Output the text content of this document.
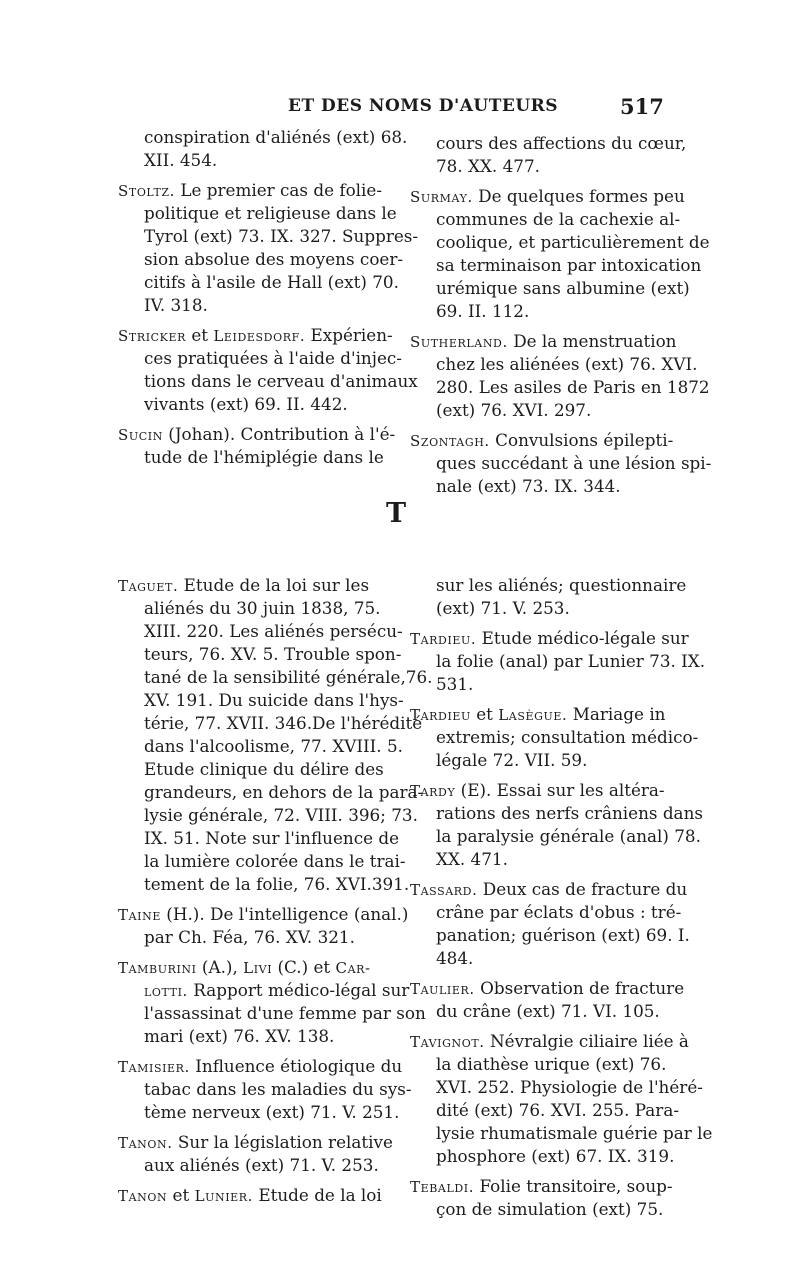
ET DES NOMS D'AUTEURS	517
conspiration d'aliénés (ext) 68.
XII. 454.
Stoltz. Le premier cas de folie-
politique et religieuse dans le
Tyrol (ext) 73. IX. 327. Suppres-
sion absolue des moyens coer-
citifs à l'asile de Hall (ext) 70.
IV. 318.
Stricker et Leidesdorf. Expérien-
ces pratiquées à l'aide d'injec-
tions dans le cerveau d'animaux
vivants (ext) 69. II. 442.
Sucin (Johan). Contribution à l'é-
tude de l'hémiplégie dans le
cours des affections du cœur,
78. XX. 477.
Surmay. De quelques formes peu
communes de la cachexie al-
coolique, et particulièrement de
sa terminaison par intoxication
urémique sans albumine (ext)
69. II. 112.
Sutherland. De la menstruation
chez les aliénées (ext) 76. XVI.
280. Les asiles de Paris en 1872
(ext) 76. XVI. 297.
Szontagh. Convulsions épilepti-
ques succédant à une lésion spi-
nale (ext) 73. IX. 344.
T
Taguet. Etude de la loi sur les
aliénés du 30 juin 1838, 75.
XIII. 220. Les aliénés persécu-
teurs, 76. XV. 5. Trouble spon-
tané de la sensibilité générale,76.
XV. 191. Du suicide dans l'hys-
térie, 77. XVII. 346.De l'hérédité
dans l'alcoolisme, 77. XVIII. 5.
Etude clinique du délire des
grandeurs, en dehors de la para-
lysie générale, 72. VIII. 396; 73.
IX. 51. Note sur l'influence de
la lumière colorée dans le trai-
tement de la folie, 76. XVI.391.
Taine (H.). De l'intelligence (anal.)
par Ch. Féa, 76. XV. 321.
Tamburini (A.), Livi (C.) et Car-
lotti. Rapport médico-légal sur
l'assassinat d'une femme par son
mari (ext) 76. XV. 138.
Tamisier. Influence étiologique du
tabac dans les maladies du sys-
tème nerveux (ext) 71. V. 251.
Tanon. Sur la législation relative
aux aliénés (ext) 71. V. 253.
Tanon et Lunier. Etude de la loi
sur les aliénés; questionnaire
(ext) 71. V. 253.
Tardieu. Etude médico-légale sur
la folie (anal) par Lunier 73. IX.
531.
Tardieu et Lasègue. Mariage in
extremis; consultation médico-
légale 72. VII. 59.
Tardy (E). Essai sur les altéra-
rations des nerfs crâniens dans
la paralysie générale (anal) 78.
XX. 471.
Tassard. Deux cas de fracture du
crâne par éclats d'obus : tré-
panation; guérison (ext) 69. I.
484.
Taulier. Observation de fracture
du crâne (ext) 71. VI. 105.
Tavignot. Névralgie ciliaire liée à
la diathèse urique (ext) 76.
XVI. 252. Physiologie de l'héré-
dité (ext) 76. XVI. 255. Para-
lysie rhumatismale guérie par le
phosphore (ext) 67. IX. 319.
Tebaldi. Folie transitoire, soup-
çon de simulation (ext) 75.
